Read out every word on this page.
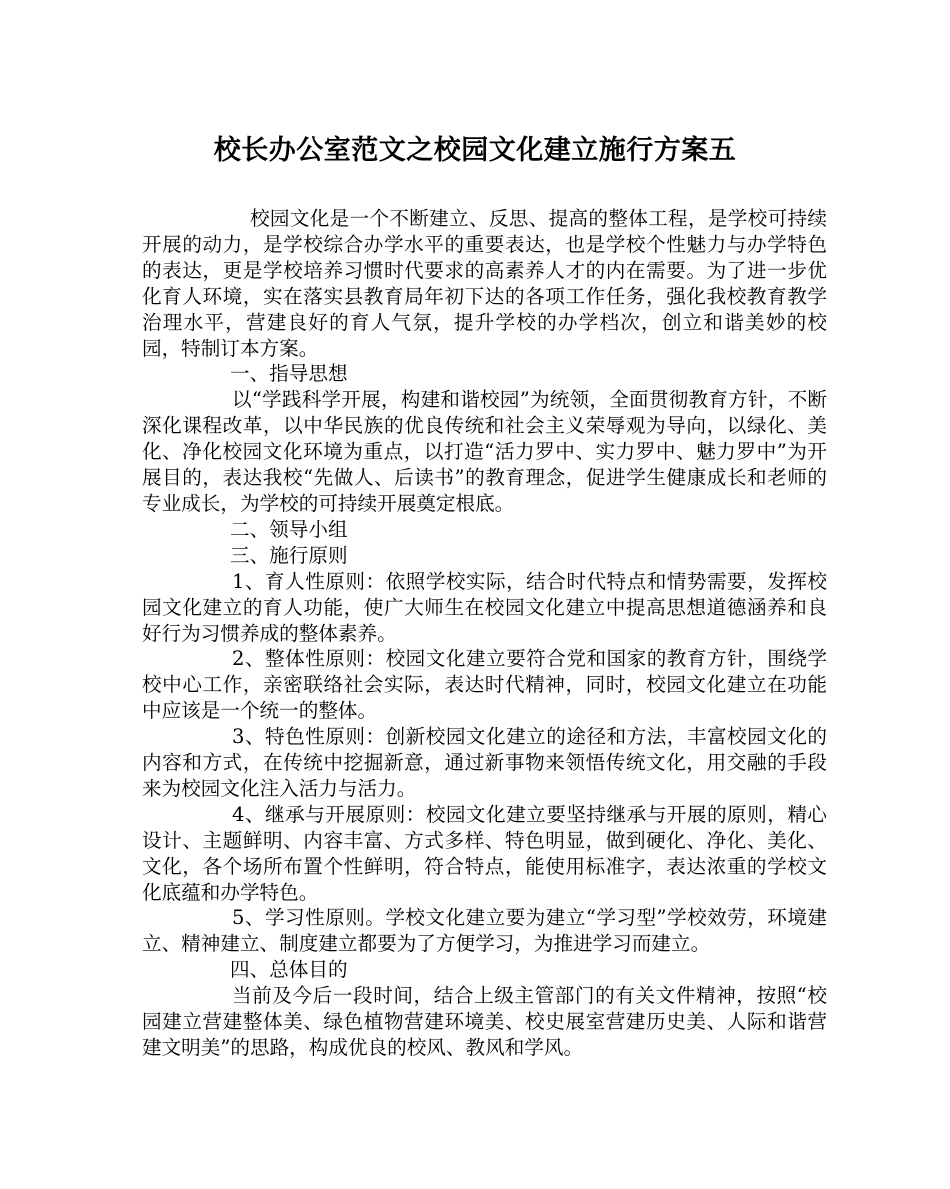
校长办公室范文之校园文化建立施行方案五

校园文化是一个不断建立、反思、提高的整体工程，是学校可持续开展的动力，是学校综合办学水平的重要表达，也是学校个性魅力与办学特色的表达，更是学校培养习惯时代要求的高素养人才的内在需要。为了进一步优化育人环境，实在落实县教育局年初下达的各项工作任务，强化我校教育教学治理水平，营建良好的育人气氛，提升学校的办学档次，创立和谐美妙的校园，特制订本方案。

一、指导思想

以“学践科学开展，构建和谐校园”为统领，全面贯彻教育方针，不断深化课程改革，以中华民族的优良传统和社会主义荣辱观为导向，以绿化、美化、净化校园文化环境为重点，以打造“活力罗中、实力罗中、魅力罗中”为开展目的，表达我校“先做人、后读书”的教育理念，促进学生健康成长和老师的专业成长，为学校的可持续开展奠定根底。

二、领导小组

三、施行原则

1、育人性原则：依照学校实际，结合时代特点和情势需要，发挥校园文化建立的育人功能，使广大师生在校园文化建立中提高思想道德涵养和良好行为习惯养成的整体素养。

2、整体性原则：校园文化建立要符合党和国家的教育方针，围绕学校中心工作，亲密联络社会实际，表达时代精神，同时，校园文化建立在功能中应该是一个统一的整体。

3、特色性原则：创新校园文化建立的途径和方法，丰富校园文化的内容和方式，在传统中挖掘新意，通过新事物来领悟传统文化，用交融的手段来为校园文化注入活力与活力。

4、继承与开展原则：校园文化建立要坚持继承与开展的原则，精心设计、主题鲜明、内容丰富、方式多样、特色明显，做到硬化、净化、美化、文化，各个场所布置个性鲜明，符合特点，能使用标准字，表达浓重的学校文化底蕴和办学特色。

5、学习性原则。学校文化建立要为建立“学习型”学校效劳，环境建立、精神建立、制度建立都要为了方便学习，为推进学习而建立。

四、总体目的

当前及今后一段时间，结合上级主管部门的有关文件精神，按照“校园建立营建整体美、绿色植物营建环境美、校史展室营建历史美、人际和谐营建文明美”的思路，构成优良的校风、教风和学风。
